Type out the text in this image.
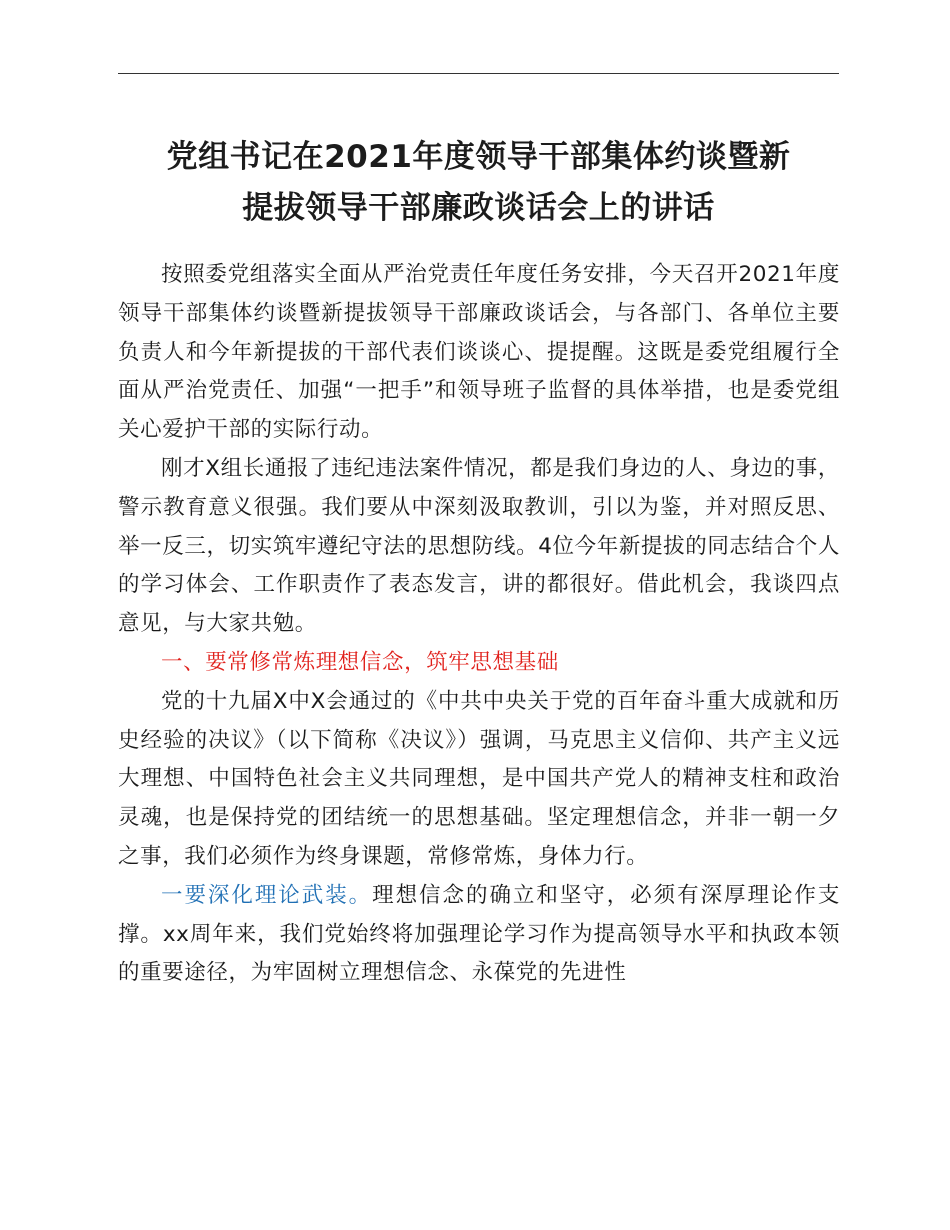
党组书记在2021年度领导干部集体约谈暨新
提拔领导干部廉政谈话会上的讲话

按照委党组落实全面从严治党责任年度任务安排，今天召开2021年度领导干部集体约谈暨新提拔领导干部廉政谈话会，与各部门、各单位主要负责人和今年新提拔的干部代表们谈谈心、提提醒。这既是委党组履行全面从严治党责任、加强“一把手”和领导班子监督的具体举措，也是委党组关心爱护干部的实际行动。

刚才X组长通报了违纪违法案件情况，都是我们身边的人、身边的事，警示教育意义很强。我们要从中深刻汲取教训，引以为鉴，并对照反思、举一反三，切实筑牢遵纪守法的思想防线。4位今年新提拔的同志结合个人的学习体会、工作职责作了表态发言，讲的都很好。借此机会，我谈四点意见，与大家共勉。

一、要常修常炼理想信念，筑牢思想基础

党的十九届X中X会通过的《中共中央关于党的百年奋斗重大成就和历史经验的决议》（以下简称《决议》）强调，马克思主义信仰、共产主义远大理想、中国特色社会主义共同理想，是中国共产党人的精神支柱和政治灵魂，也是保持党的团结统一的思想基础。坚定理想信念，并非一朝一夕之事，我们必须作为终身课题，常修常炼，身体力行。

一要深化理论武装。理想信念的确立和坚守，必须有深厚理论作支撑。xx周年来，我们党始终将加强理论学习作为提高领导水平和执政本领的重要途径，为牢固树立理想信念、永葆党的先进性
